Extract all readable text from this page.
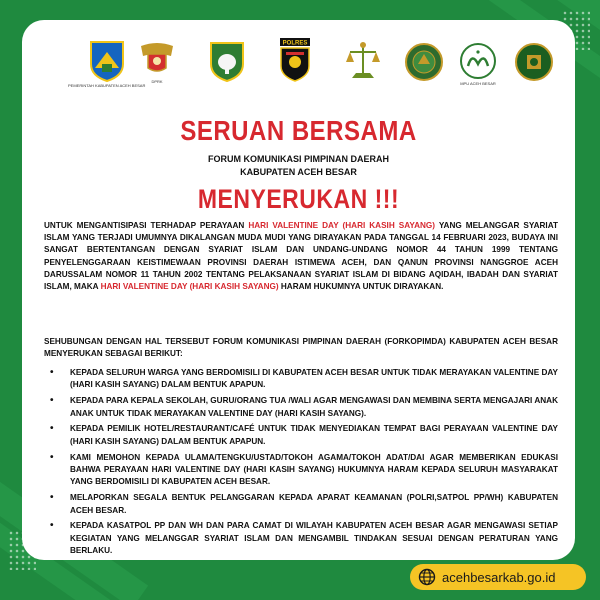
PEMERINTAH KABUPATEN ACEH BESAR
DPRK
POLRES
MPU ACEH BESAR
SERUAN BERSAMA
FORUM KOMUNIKASI PIMPINAN DAERAH
KABUPATEN ACEH BESAR
MENYERUKAN !!!
UNTUK MENGANTISIPASI TERHADAP PERAYAAN HARI VALENTINE DAY (HARI KASIH SAYANG) YANG MELANGGAR SYARIAT ISLAM YANG TERJADI UMUMNYA DIKALANGAN MUDA MUDI YANG DIRAYAKAN PADA TANGGAL 14 FEBRUARI 2023, BUDAYA INI SANGAT BERTENTANGAN DENGAN SYARIAT ISLAM DAN UNDANG-UNDANG NOMOR 44 TAHUN 1999 TENTANG PENYELENGGARAAN KEISTIMEWAAN PROVINSI DAERAH ISTIMEWA ACEH, DAN QANUN PROVINSI NANGGROE ACEH DARUSSALAM NOMOR 11 TAHUN 2002 TENTANG PELAKSANAAN SYARIAT ISLAM DI BIDANG AQIDAH, IBADAH DAN SYARIAT ISLAM, MAKA HARI VALENTINE DAY (HARI KASIH SAYANG) HARAM HUKUMNYA UNTUK DIRAYAKAN.
SEHUBUNGAN DENGAN HAL TERSEBUT FORUM KOMUNIKASI PIMPINAN DAERAH (FORKOPIMDA) KABUPATEN ACEH BESAR MENYERUKAN SEBAGAI BERIKUT:
• KEPADA SELURUH WARGA YANG BERDOMISILI DI KABUPATEN ACEH BESAR UNTUK TIDAK MERAYAKAN VALENTINE DAY (HARI KASIH SAYANG) DALAM BENTUK APAPUN.
• KEPADA PARA KEPALA SEKOLAH, GURU/ORANG TUA /WALI AGAR MENGAWASI DAN MEMBINA SERTA MENGAJARI ANAK ANAK UNTUK TIDAK MERAYAKAN VALENTINE DAY (HARI KASIH SAYANG).
• KEPADA PEMILIK HOTEL/RESTAURANT/CAFÉ UNTUK TIDAK MENYEDIAKAN TEMPAT BAGI PERAYAAN VALENTINE DAY (HARI KASIH SAYANG) DALAM BENTUK APAPUN.
• KAMI MEMOHON KEPADA ULAMA/TENGKU/USTAD/TOKOH AGAMA/TOKOH ADAT/DAI AGAR MEMBERIKAN EDUKASI BAHWA PERAYAAN HARI VALENTINE DAY (HARI KASIH SAYANG) HUKUMNYA HARAM KEPADA SELURUH MASYARAKAT YANG BERDOMISILI DI KABUPATEN ACEH BESAR.
• MELAPORKAN SEGALA BENTUK PELANGGARAN KEPADA APARAT KEAMANAN (POLRI,SATPOL PP/WH) KABUPATEN ACEH BESAR.
• KEPADA KASATPOL PP DAN WH DAN PARA CAMAT DI WILAYAH KABUPATEN ACEH BESAR AGAR MENGAWASI SETIAP KEGIATAN YANG MELANGGAR SYARIAT ISLAM DAN MENGAMBIL TINDAKAN SESUAI DENGAN PERATURAN YANG BERLAKU.
acehbesarkab.go.id
